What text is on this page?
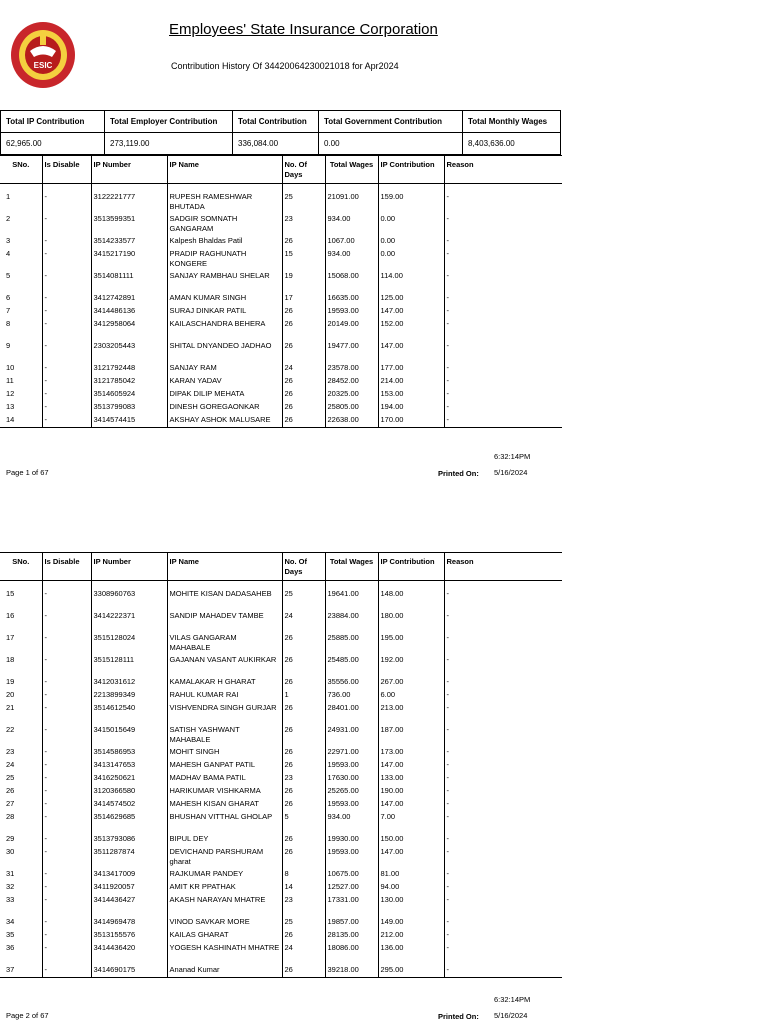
ESIC
Employees' State Insurance Corporation
Contribution History Of 34420064230021018 for Apr2024
Total IP Contribution	Total Employer Contribution	Total Contribution	Total Government Contribution	Total Monthly Wages
62,965.00	273,119.00	336,084.00	0.00	8,403,636.00
SNo.	Is Disable	IP Number	IP Name	No. Of Days	Total Wages	IP Contribution	Reason

1	-	3122221777	RUPESH RAMESHWAR BHUTADA	25	21091.00	159.00	-
2	-	3513599351	SADGIR SOMNATH GANGARAM	23	934.00	0.00	-
3	-	3514233577	Kalpesh Bhaldas Patil	26	1067.00	0.00	-
4	-	3415217190	PRADIP RAGHUNATH KONGERE	15	934.00	0.00	-
5	-	3514081111	SANJAY RAMBHAU SHELAR	19	15068.00	114.00	-
6	-	3412742891	AMAN KUMAR SINGH	17	16635.00	125.00	-
7	-	3414486136	SURAJ DINKAR PATIL	26	19593.00	147.00	-
8	-	3412958064	KAILASCHANDRA BEHERA	26	20149.00	152.00	-
9	-	2303205443	SHITAL DNYANDEO JADHAO	26	19477.00	147.00	-
10	-	3121792448	SANJAY RAM	24	23578.00	177.00	-
11	-	3121785042	KARAN YADAV	26	28452.00	214.00	-
12	-	3514605924	DIPAK DILIP MEHATA	26	20325.00	153.00	-
13	-	3513799083	DINESH GOREGAONKAR	26	25805.00	194.00	-
14	-	3414574415	AKSHAY ASHOK MALUSARE	26	22638.00	170.00	-
6:32:14PM
Page 1 of 67	Printed On: 5/16/2024
SNo.	Is Disable	IP Number	IP Name	No. Of Days	Total Wages	IP Contribution	Reason

15	-	3308960763	MOHITE KISAN DADASAHEB	25	19641.00	148.00	-
16	-	3414222371	SANDIP MAHADEV TAMBE	24	23884.00	180.00	-
17	-	3515128024	VILAS GANGARAM MAHABALE	26	25885.00	195.00	-
18	-	3515128111	GAJANAN VASANT AUKIRKAR	26	25485.00	192.00	-
19	-	3412031612	KAMALAKAR H GHARAT	26	35556.00	267.00	-
20	-	2213899349	RAHUL KUMAR RAI	1	736.00	6.00	-
21	-	3514612540	VISHVENDRA SINGH GURJAR	26	28401.00	213.00	-
22	-	3415015649	SATISH YASHWANT MAHABALE	26	24931.00	187.00	-
23	-	3514586953	MOHIT SINGH	26	22971.00	173.00	-
24	-	3413147653	MAHESH GANPAT PATIL	26	19593.00	147.00	-
25	-	3416250621	MADHAV BAMA PATIL	23	17630.00	133.00	-
26	-	3120366580	HARIKUMAR VISHKARMA	26	25265.00	190.00	-
27	-	3414574502	MAHESH KISAN GHARAT	26	19593.00	147.00	-
28	-	3514629685	BHUSHAN VITTHAL GHOLAP	5	934.00	7.00	-
29	-	3513793086	BIPUL DEY	26	19930.00	150.00	-
30	-	3511287874	DEVICHAND PARSHURAM gharat	26	19593.00	147.00	-
31	-	3413417009	RAJKUMAR PANDEY	8	10675.00	81.00	-
32	-	3411920057	AMIT KR PPATHAK	14	12527.00	94.00	-
33	-	3414436427	AKASH NARAYAN MHATRE	23	17331.00	130.00	-
34	-	3414969478	VINOD SAVKAR MORE	25	19857.00	149.00	-
35	-	3513155576	KAILAS GHARAT	26	28135.00	212.00	-
36	-	3414436420	YOGESH KASHINATH MHATRE	24	18086.00	136.00	-
37	-	3414690175	Ananad Kumar	26	39218.00	295.00	-
6:32:14PM
Page 2 of 67	Printed On: 5/16/2024
